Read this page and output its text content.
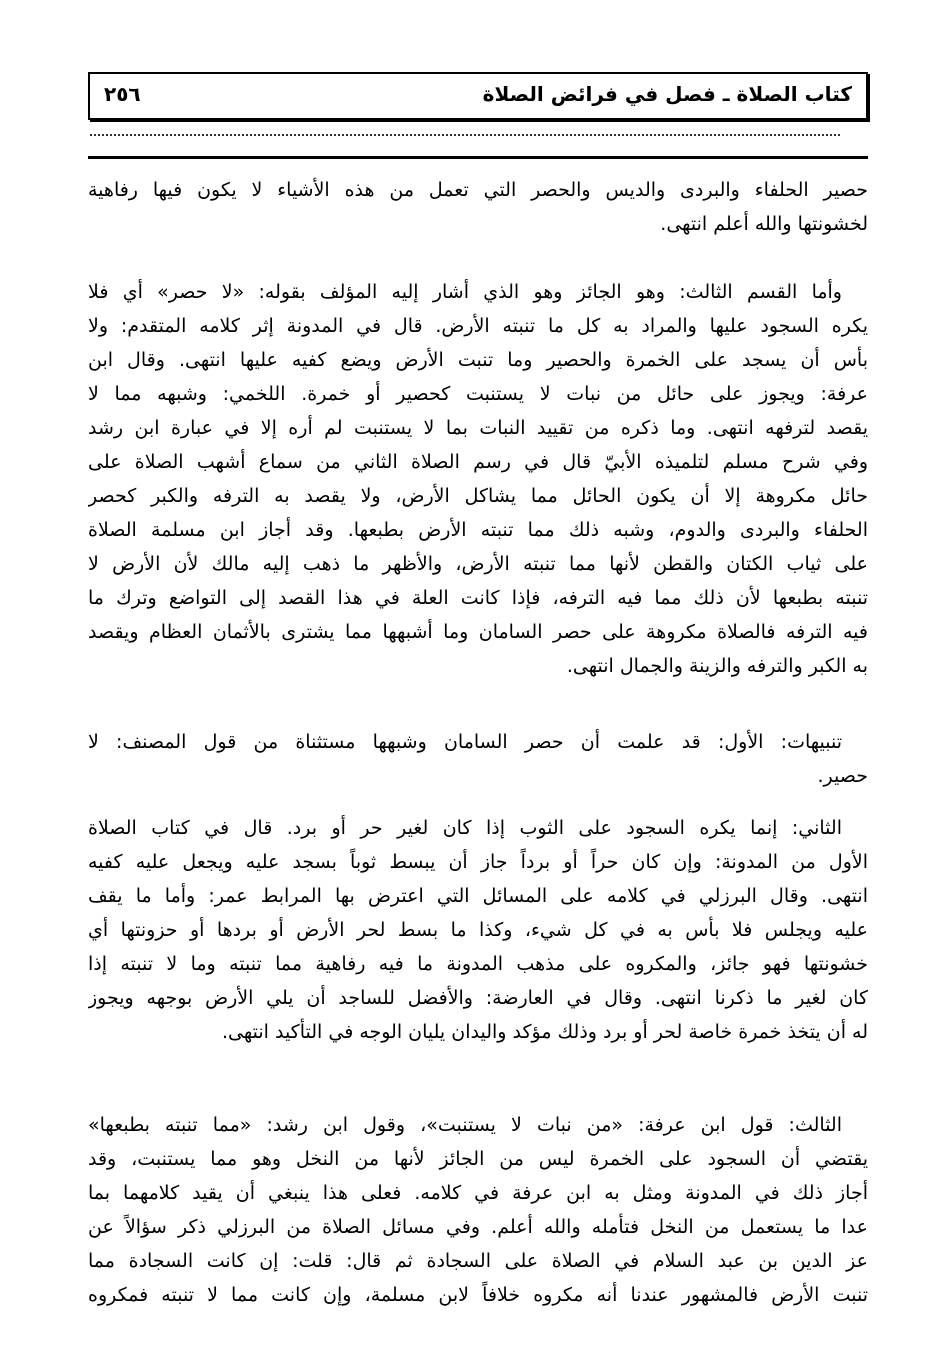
كتاب الصلاة ـ فصل في فرائض الصلاة
٢٥٦
حصير الحلفاء والبردى والديس والحصر التي تعمل من هذه الأشياء لا يكون فيها رفاهية
لخشونتها والله أعلم انتهى.
وأما القسم الثالث: وهو الجائز وهو الذي أشار إليه المؤلف بقوله: «لا حصر» أي فلا
يكره السجود عليها والمراد به كل ما تنبته الأرض. قال في المدونة إثر كلامه المتقدم: ولا
بأس أن يسجد على الخمرة والحصير وما تنبت الأرض ويضع كفيه عليها انتهى. وقال ابن
عرفة: ويجوز على حائل من نبات لا يستنبت كحصير أو خمرة. اللخمي: وشبهه مما لا
يقصد لترفهه انتهى. وما ذكره من تقييد النبات بما لا يستنبت لم أره إلا في عبارة ابن رشد
وفي شرح مسلم لتلميذه الأبيّ قال في رسم الصلاة الثاني من سماع أشهب الصلاة على
حائل مكروهة إلا أن يكون الحائل مما يشاكل الأرض، ولا يقصد به الترفه والكبر كحصر
الحلفاء والبردى والدوم، وشبه ذلك مما تنبته الأرض بطبعها. وقد أجاز ابن مسلمة الصلاة
على ثياب الكتان والقطن لأنها مما تنبته الأرض، والأظهر ما ذهب إليه مالك لأن الأرض لا
تنبته بطبعها لأن ذلك مما فيه الترفه، فإذا كانت العلة في هذا القصد إلى التواضع وترك ما
فيه الترفه فالصلاة مكروهة على حصر السامان وما أشبهها مما يشترى بالأثمان العظام ويقصد
به الكبر والترفه والزينة والجمال انتهى.
تنبيهات: الأول: قد علمت أن حصر السامان وشبهها مستثناة من قول المصنف: لا
حصير.
الثاني: إنما يكره السجود على الثوب إذا كان لغير حر أو برد. قال في كتاب الصلاة
الأول من المدونة: وإن كان حراً أو برداً جاز أن يبسط ثوباً بسجد عليه ويجعل عليه كفيه
انتهى. وقال البرزلي في كلامه على المسائل التي اعترض بها المرابط عمر: وأما ما يقف
عليه ويجلس فلا بأس به في كل شيء، وكذا ما بسط لحر الأرض أو بردها أو حزونتها أي
خشونتها فهو جائز، والمكروه على مذهب المدونة ما فيه رفاهية مما تنبته وما لا تنبته إذا
كان لغير ما ذكرنا انتهى. وقال في العارضة: والأفضل للساجد أن يلي الأرض بوجهه ويجوز
له أن يتخذ خمرة خاصة لحر أو برد وذلك مؤكد واليدان يليان الوجه في التأكيد انتهى.
الثالث: قول ابن عرفة: «من نبات لا يستنبت»، وقول ابن رشد: «مما تنبته بطبعها»
يقتضي أن السجود على الخمرة ليس من الجائز لأنها من النخل وهو مما يستنبت، وقد
أجاز ذلك في المدونة ومثل به ابن عرفة في كلامه. فعلى هذا ينبغي أن يقيد كلامهما بما
عدا ما يستعمل من النخل فتأمله والله أعلم. وفي مسائل الصلاة من البرزلي ذكر سؤالاً عن
عز الدين بن عبد السلام في الصلاة على السجادة ثم قال: قلت: إن كانت السجادة مما
تنبت الأرض فالمشهور عندنا أنه مكروه خلافاً لابن مسلمة، وإن كانت مما لا تنبته فمكروه
